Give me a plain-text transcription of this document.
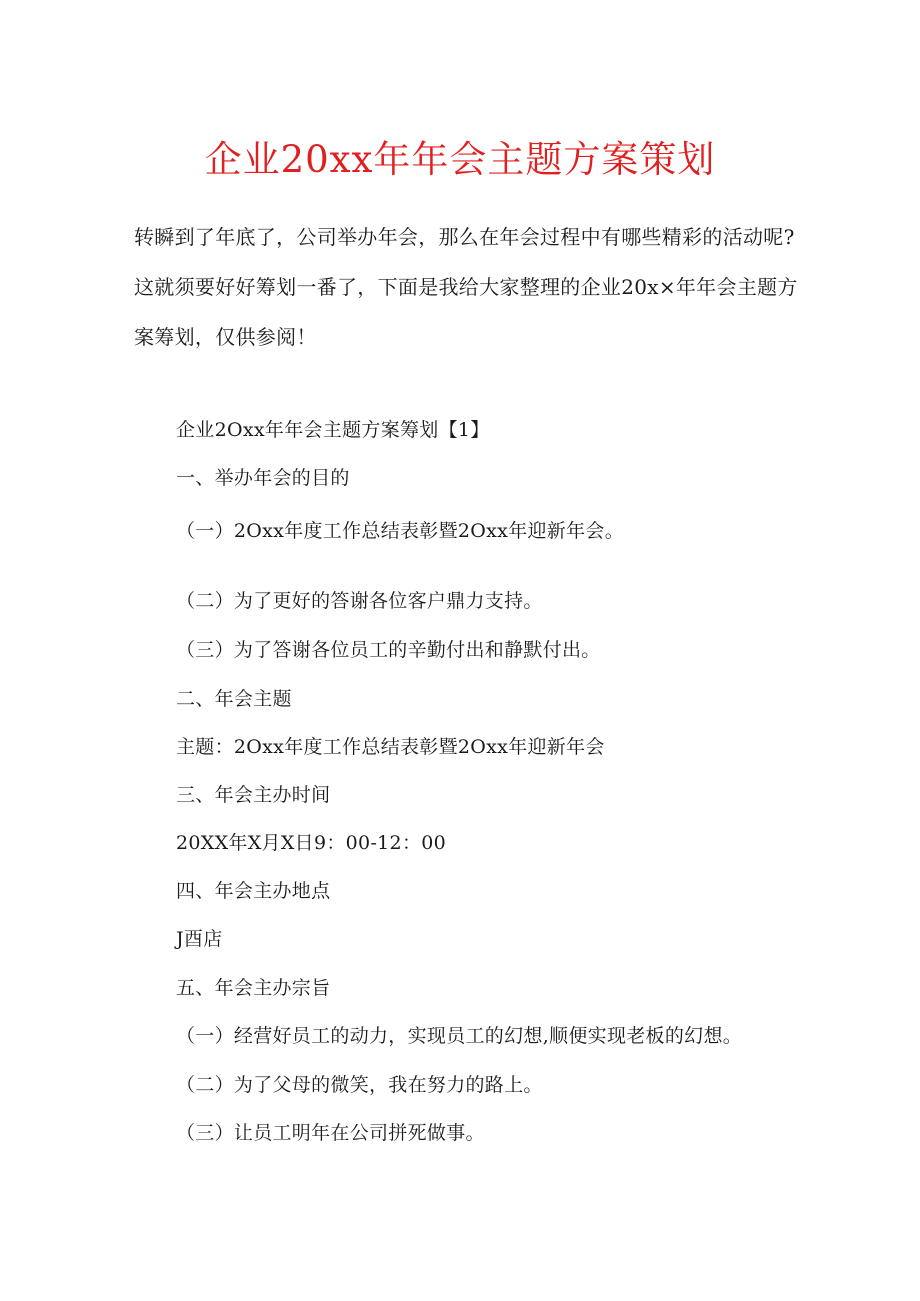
企业20xx年年会主题方案策划
转瞬到了年底了，公司举办年会，那么在年会过程中有哪些精彩的活动呢?
这就须要好好筹划一番了，下面是我给大家整理的企业20x×年年会主题方
案筹划，仅供参阅！
企业2Oxx年年会主题方案筹划【1】
一、举办年会的目的
（一）2Oxx年度工作总结表彰暨2Oxx年迎新年会。
（二）为了更好的答谢各位客户鼎力支持。
（三）为了答谢各位员工的辛勤付出和静默付出。
二、年会主题
主题：2Oxx年度工作总结表彰暨2Oxx年迎新年会
三、年会主办时间
20XX年X月X日9：00-12：00
四、年会主办地点
J酉店
五、年会主办宗旨
（一）经营好员工的动力，实现员工的幻想,顺便实现老板的幻想。
（二）为了父母的微笑，我在努力的路上。
（三）让员工明年在公司拼死做事。
